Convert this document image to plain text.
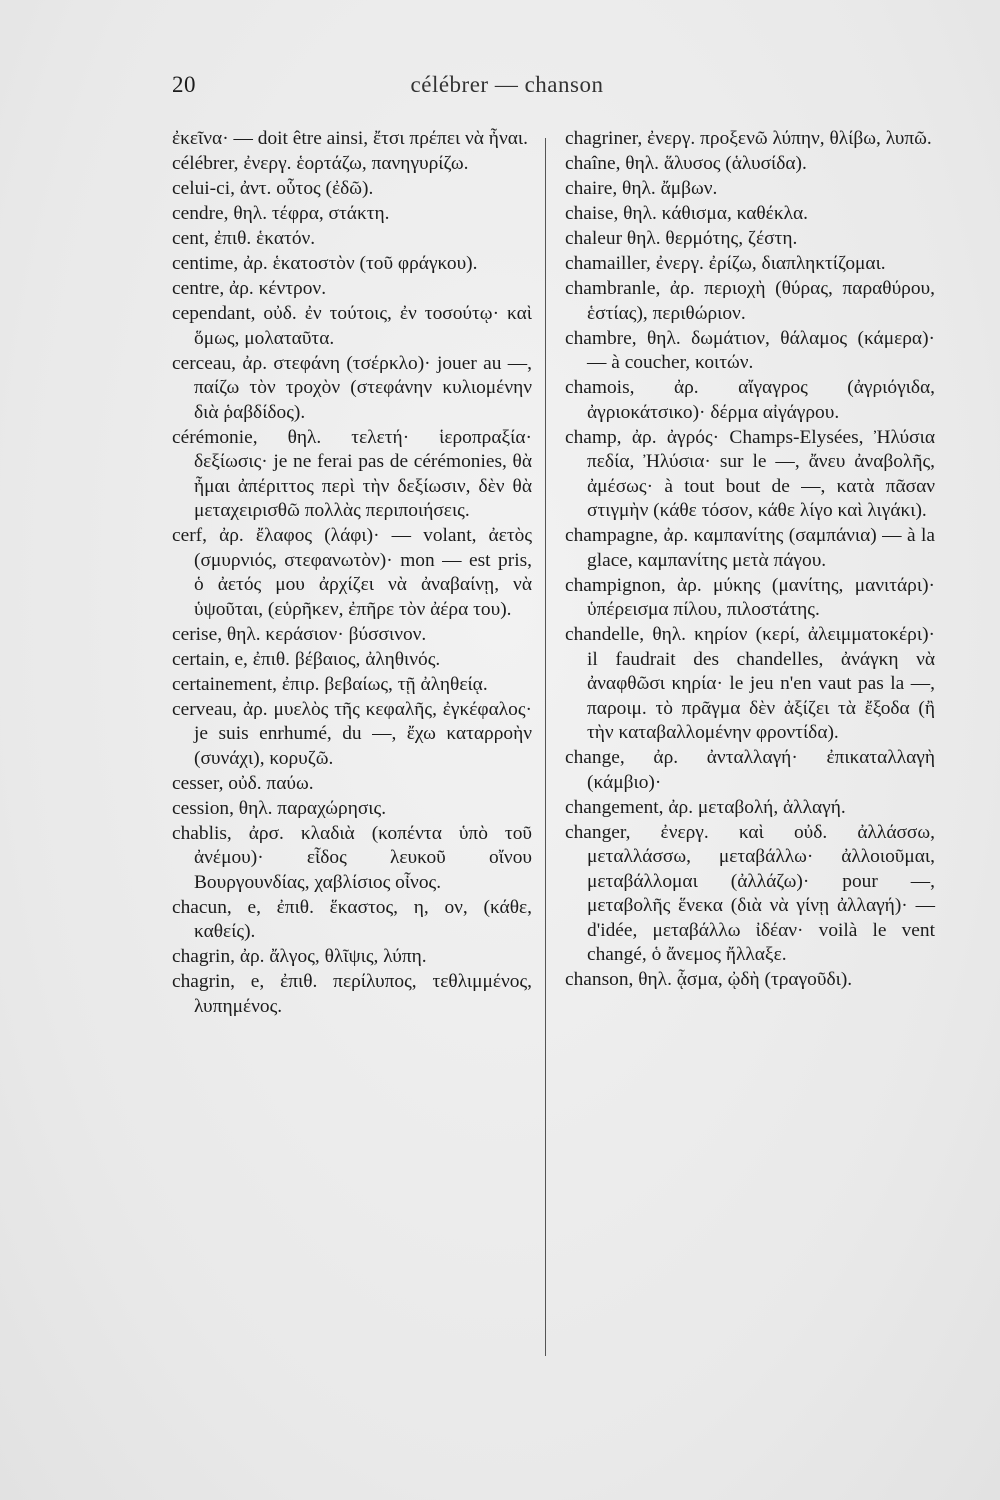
20	célébrer — chanson

ἐκεῖνα· — doit être ainsi, ἔτσι πρέπει νὰ ἦναι.

célébrer, ἐνεργ. ἑορτάζω, πανηγυρίζω.

celui-ci, ἀντ. οὗτος (ἐδῶ).

cendre, θηλ. τέφρα, στάκτη.

cent, ἐπιθ. ἑκατόν.

centime, ἀρ. ἑκατοστὸν (τοῦ φράγκου).

centre, ἀρ. κέντρον.

cependant, οὐδ. ἐν τούτοις, ἐν τοσούτῳ· καὶ ὅμως, μολαταῦτα.

cerceau, ἀρ. στεφάνη (τσέρκλο)· jouer au —, παίζω τὸν τροχὸν (στεφάνην κυλιομένην διὰ ῥαβδίδος).

cérémonie, θηλ. τελετή· ἱεροπραξία· δεξίωσις· je ne ferai pas de cérémonies, θὰ ἦμαι ἀπέριττος περὶ τὴν δεξίωσιν, δὲν θὰ μεταχειρισθῶ πολλὰς περιποιήσεις.

cerf, ἀρ. ἔλαφος (λάφι)· — volant, ἀετὸς (σμυρνιός, στεφανωτὸν)· mon — est pris, ὁ ἀετός μου ἀρχίζει νὰ ἀναβαίνῃ, νὰ ὑψοῦται, (εὑρῆκεν, ἐπῆρε τὸν ἀέρα του).

cerise, θηλ. κεράσιον· βύσσινον.

certain, e, ἐπιθ. βέβαιος, ἀληθινός.

certainement, ἐπιρ. βεβαίως, τῇ ἀληθείᾳ.

cerveau, ἀρ. μυελὸς τῆς κεφαλῆς, ἐγκέφαλος· je suis enrhumé, du —, ἔχω καταρροὴν (συνάχι), κορυζῶ.

cesser, οὐδ. παύω.

cession, θηλ. παραχώρησις.

chablis, ἀρσ. κλαδιὰ (κοπέντα ὑπὸ τοῦ ἀνέμου)· εἶδος λευκοῦ οἴνου Βουργουνδίας, χαβλίσιος οἶνος.

chacun, e, ἐπιθ. ἕκαστος, η, ον, (κάθε, καθείς).

chagrin, ἀρ. ἄλγος, θλῖψις, λύπη.

chagrin, e, ἐπιθ. περίλυπος, τεθλιμμένος, λυπημένος.

chagriner, ἐνεργ. προξενῶ λύπην, θλίβω, λυπῶ.

chaîne, θηλ. ἅλυσος (ἁλυσίδα).

chaire, θηλ. ἄμβων.

chaise, θηλ. κάθισμα, καθέκλα.

chaleur θηλ. θερμότης, ζέστη.

chamailler, ἐνεργ. ἐρίζω, διαπληκτίζομαι.

chambranle, ἀρ. περιοχὴ (θύρας, παραθύρου, ἑστίας), περιθώριον.

chambre, θηλ. δωμάτιον, θάλαμος (κάμερα)· — à coucher, κοιτών.

chamois, ἀρ. αἴγαγρος (ἀγριόγιδα, ἀγριοκάτσικο)· δέρμα αἰγάγρου.

champ, ἀρ. ἀγρός· Champs-Elysées, Ἠλύσια πεδία, Ἠλύσια· sur le —, ἄνευ ἀναβολῆς, ἀμέσως· à tout bout de —, κατὰ πᾶσαν στιγμὴν (κάθε τόσον, κάθε λίγο καὶ λιγάκι).

champagne, ἀρ. καμπανίτης (σαμπάνια) — à la glace, καμπανίτης μετὰ πάγου.

champignon, ἀρ. μύκης (μανίτης, μανιτάρι)· ὑπέρεισμα πίλου, πιλοστάτης.

chandelle, θηλ. κηρίον (κερί, ἀλειμματοκέρι)· il faudrait des chandelles, ἀνάγκη νὰ ἀναφθῶσι κηρία· le jeu n'en vaut pas la —, παροιμ. τὸ πρᾶγμα δὲν ἀξίζει τὰ ἔξοδα (ἢ τὴν καταβαλλομένην φροντίδα).

change, ἀρ. ἀνταλλαγή· ἐπικαταλλαγὴ (κάμβιο)·

changement, ἀρ. μεταβολή, ἀλλαγή.

changer, ἐνεργ. καὶ οὐδ. ἀλλάσσω, μεταλλάσσω, μεταβάλλω· ἀλλοιοῦμαι, μεταβάλλομαι (ἀλλάζω)· pour —, μεταβολῆς ἕνεκα (διὰ νὰ γίνῃ ἀλλαγή)· — d'idée, μεταβάλλω ἰδέαν· voilà le vent changé, ὁ ἄνεμος ἤλλαξε.

chanson, θηλ. ᾆσμα, ᾠδὴ (τραγοῦδι).
